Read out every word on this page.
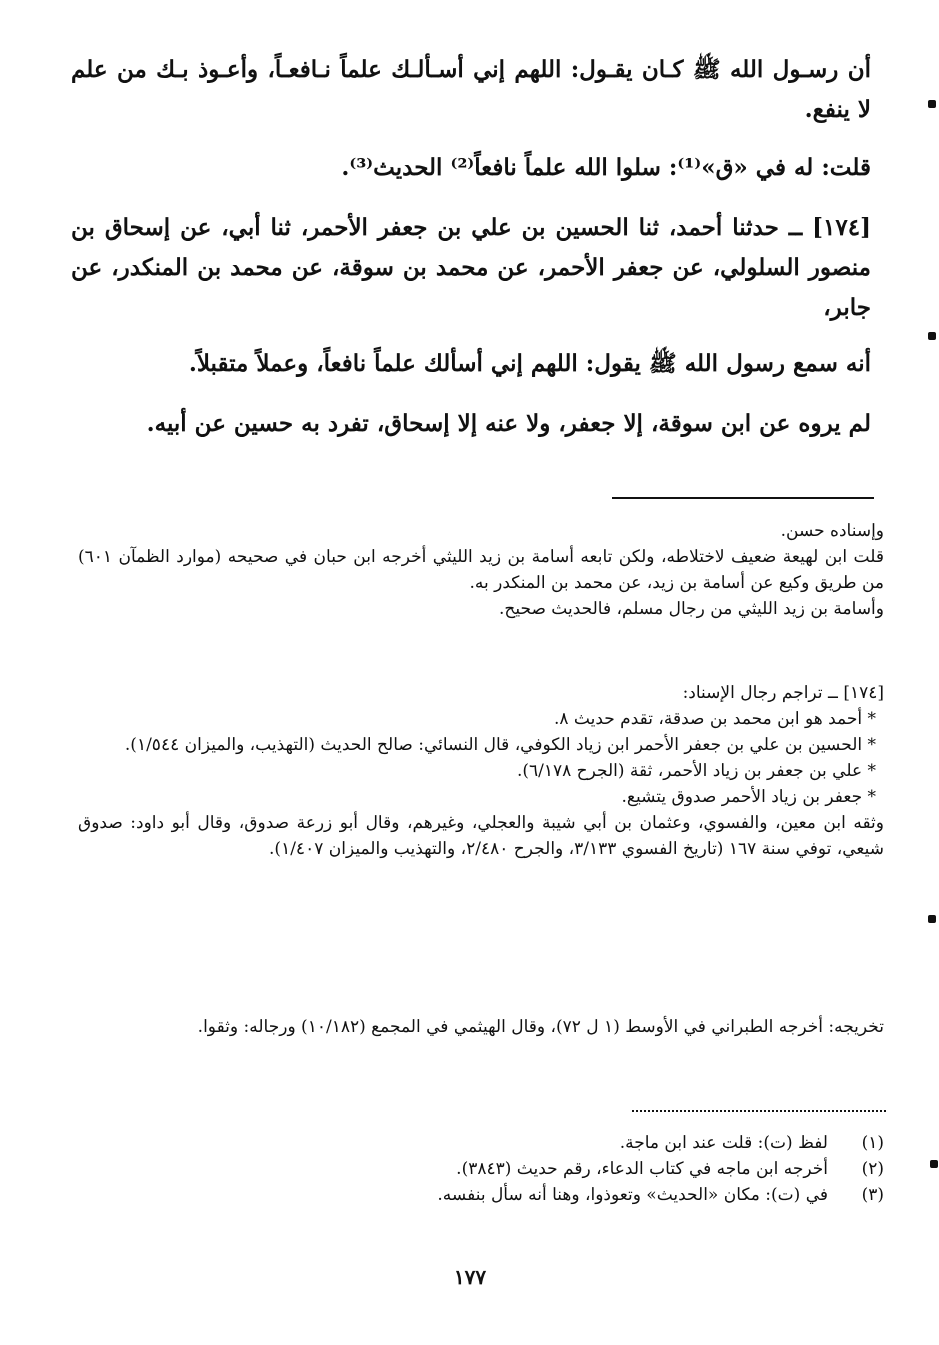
أن رسـول الله ﷺ كـان يقـول: اللهم إني أسـألـك علماً نـافعـاً، وأعـوذ بـك من علم لا ينفع.

قلت: له في «ق»⁽¹⁾: سلوا الله علماً نافعاً⁽²⁾ الحديث⁽³⁾.

[١٧٤] ــ حدثنا أحمد، ثنا الحسين بن علي بن جعفر الأحمر، ثنا أبي، عن إسحاق بن منصور السلولي، عن جعفر الأحمر، عن محمد بن سوقة، عن محمد بن المنكدر، عن جابر،

أنه سمع رسول الله ﷺ يقول: اللهم إني أسألك علماً نافعاً، وعملاً متقبلاً.

لم يروه عن ابن سوقة، إلا جعفر، ولا عنه إلا إسحاق، تفرد به حسين عن أبيه.

وإسناده حسن.

قلت ابن لهيعة ضعيف لاختلاطه، ولكن تابعه أسامة بن زيد الليثي أخرجه ابن حبان في صحيحه (موارد الظمآن ٦٠١) من طريق وكيع عن أسامة بن زيد، عن محمد بن المنكدر به.

وأسامة بن زيد الليثي من رجال مسلم، فالحديث صحيح.

[١٧٤] ــ تراجم رجال الإسناد:

* أحمد هو ابن محمد بن صدقة، تقدم حديث ٨.

* الحسين بن علي بن جعفر الأحمر ابن زياد الكوفي، قال النسائي: صالح الحديث (التهذيب، والميزان ١/٥٤٤).

* علي بن جعفر بن زياد الأحمر، ثقة (الجرح ٦/١٧٨).

* جعفر بن زياد الأحمر صدوق يتشيع.

وثقه ابن معين، والفسوي، وعثمان بن أبي شيبة والعجلي، وغيرهم، وقال أبو زرعة صدوق، وقال أبو داود: صدوق شيعي، توفي سنة ١٦٧ (تاريخ الفسوي ٣/١٣٣، والجرح ٢/٤٨٠، والتهذيب والميزان ١/٤٠٧).

تخريجه: أخرجه الطبراني في الأوسط (١ ل ٧٢)، وقال الهيثمي في المجمع (١٠/١٨٢) ورجاله: وثقوا.

(١)
لفظ (ت): قلت عند ابن ماجة.
(٢)
أخرجه ابن ماجه في كتاب الدعاء، رقم حديث (٣٨٤٣).
(٣)
في (ت): مكان «الحديث» وتعوذوا، وهنا أنه سأل بنفسه.
١٧٧
